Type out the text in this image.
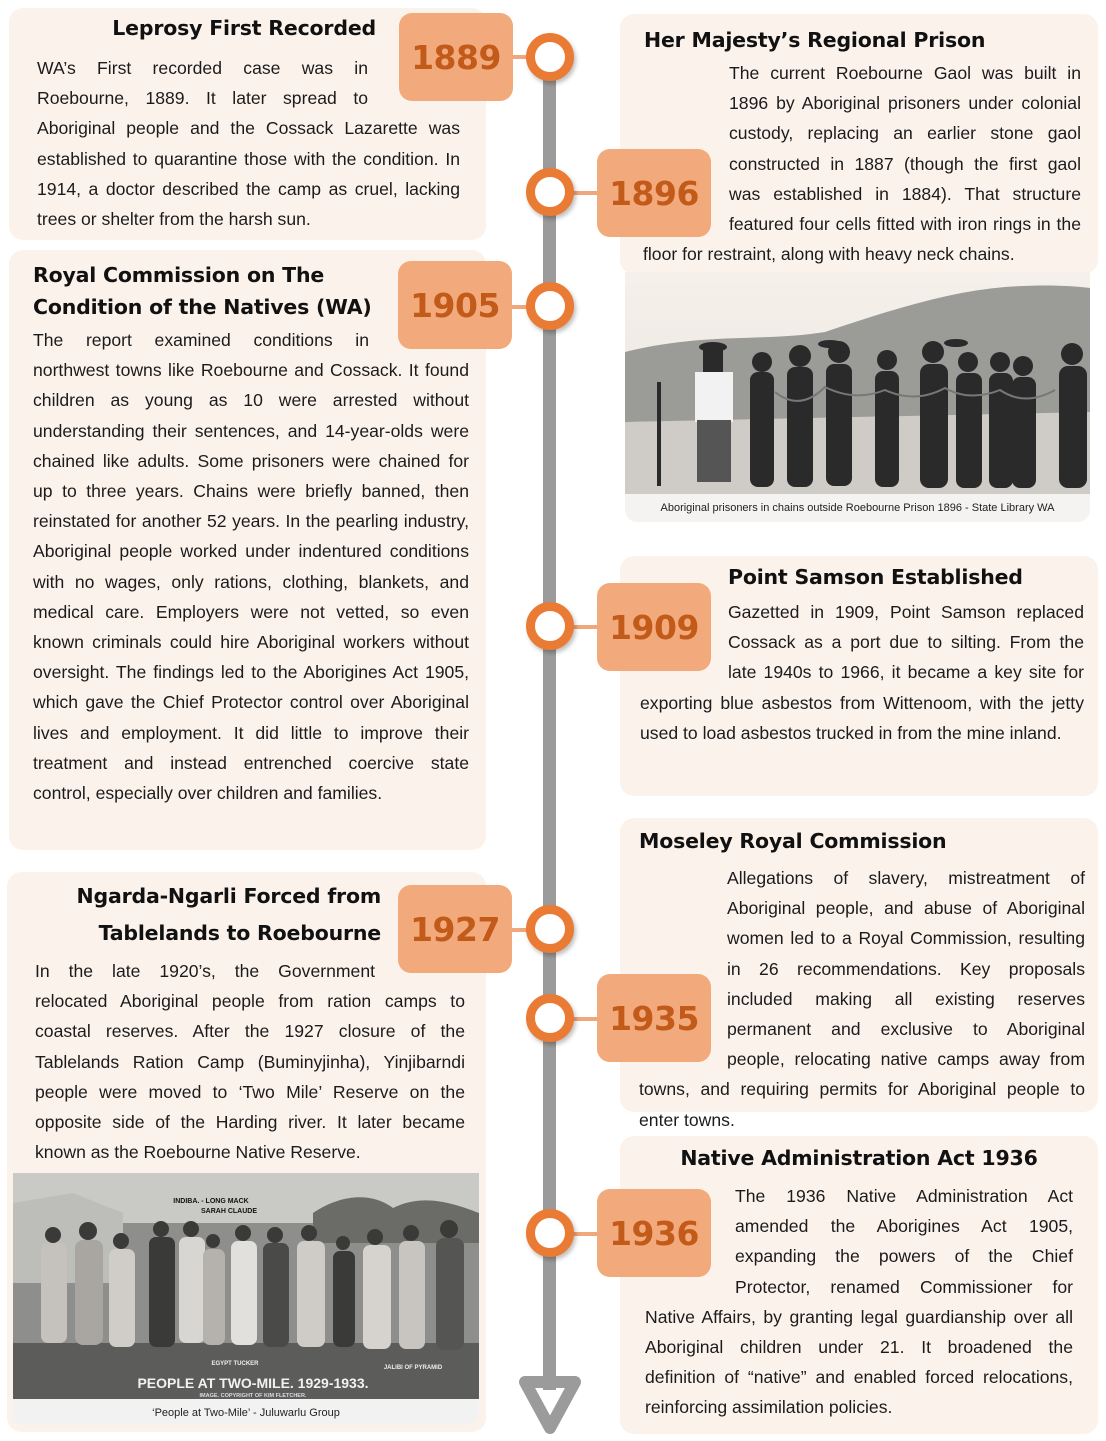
Leprosy First Recorded
WA’s First recorded case was in Roebourne, 1889. It later spread to Aboriginal people and the Cossack Lazarette was established to quarantine those with the condition. In 1914, a doctor described the camp as cruel, lacking trees or shelter from the harsh sun.
1889	Her Majesty’s Regional Prison
The current Roebourne Gaol was built in 1896 by Aboriginal prisoners under colonial custody, replacing an earlier stone gaol constructed in 1887 (though the first gaol was established in 1884). That structure featured four cells fitted with iron rings in the floor for restraint, along with heavy neck chains.
Aboriginal prisoners in chains outside Roebourne Prison 1896 - State Library WA
1896
Royal Commission on The
Condition of the Natives (WA)
The report examined conditions in northwest towns like Roebourne and Cossack. It found children as young as 10 were arrested without understanding their sentences, and 14-year-olds were chained like adults. Some prisoners were chained for up to three years. Chains were briefly banned, then reinstated for another 52 years. In the pearling industry, Aboriginal people worked under indentured conditions with no wages, only rations, clothing, blankets, and medical care. Employers were not vetted, so even known criminals could hire Aboriginal workers without oversight. The findings led to the Aborigines Act 1905, which gave the Chief Protector control over Aboriginal lives and employment. It did little to improve their treatment and instead entrenched coercive state control, especially over children and families.
1905
Point Samson Established
Gazetted in 1909, Point Samson replaced Cossack as a port due to silting. From the late 1940s to 1966, it became a key site for exporting blue asbestos from Wittenoom, with the jetty used to load asbestos trucked in from the mine inland.
1909
Ngarda-Ngarli Forced from
Tablelands to Roebourne
In the late 1920’s, the Government relocated Aboriginal people from ration camps to coastal reserves. After the 1927 closure of the Tablelands Ration Camp (Buminyjinha), Yinjibarndi people were moved to ‘Two Mile’ Reserve on the opposite side of the Harding river. It later became known as the Roebourne Native Reserve.
INDIBA. - LONG MACK
SARAH CLAUDE
EGYPT TUCKER
JALIBI OF PYRAMID
PEOPLE AT TWO-MILE. 1929-1933.
IMAGE. COPYRIGHT OF KIM FLETCHER.
‘People at Two-Mile’ - Juluwarlu Group
1927
Moseley Royal Commission
Allegations of slavery, mistreatment of Aboriginal people, and abuse of Aboriginal women led to a Royal Commission, resulting in 26 recommendations. Key proposals included making all existing reserves permanent and exclusive to Aboriginal people, relocating native camps away from towns, and requiring permits for Aboriginal people to enter towns.
1935
Native Administration Act 1936
The 1936 Native Administration Act amended the Aborigines Act 1905, expanding the powers of the Chief Protector, renamed Commissioner for Native Affairs, by granting legal guardianship over all Aboriginal children under 21. It broadened the definition of “native” and enabled forced relocations, reinforcing assimilation policies.
1936
